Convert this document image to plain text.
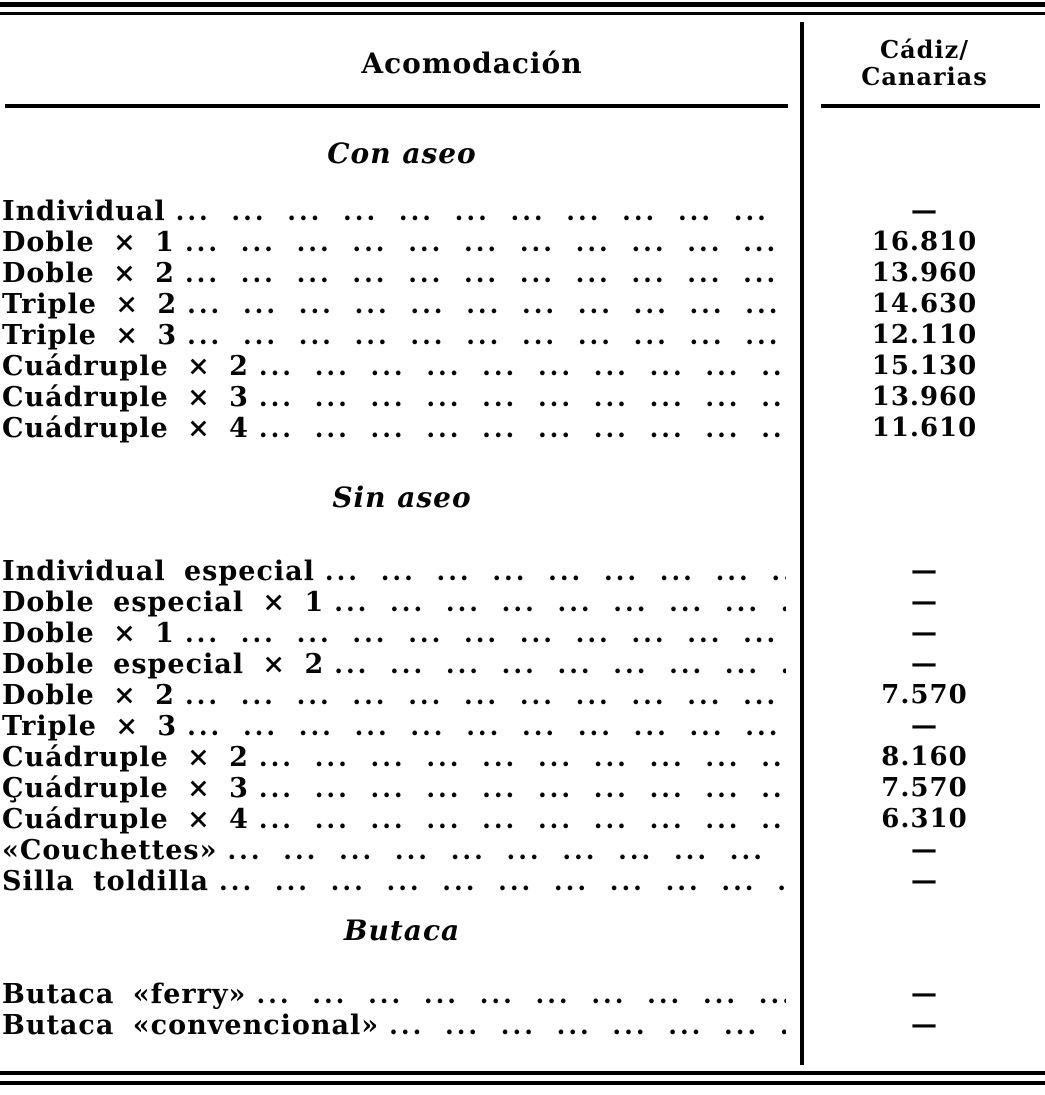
Acomodación	Cádiz/
Canarias
Con aseo
Individual ... .	—
Doble × 1 ... .	16.810
Doble × 2 ... .	13.960
Triple × 2 ... .	14.630
Triple × 3 ... .	12.110
Cuádruple × 2 ... .	15.130
Cuádruple × 3 ... .	13.960
Cuádruple × 4 ... .	11.610
Sin aseo
Individual especial ... .	—
Doble especial × 1 ... .	—
Doble × 1 ... .	—
Doble especial × 2 ... .	—
Doble × 2 ... .	7.570
Triple × 3 ... .	—
Cuádruple × 2 ... .	8.160
Çuádruple × 3 ... .	7.570
Cuádruple × 4 ... .	6.310
«Couchettes» ... .	—
Silla toldilla ... .	—
Butaca
Butaca «ferry» ... .	—
Butaca «convencional» ... .	—
